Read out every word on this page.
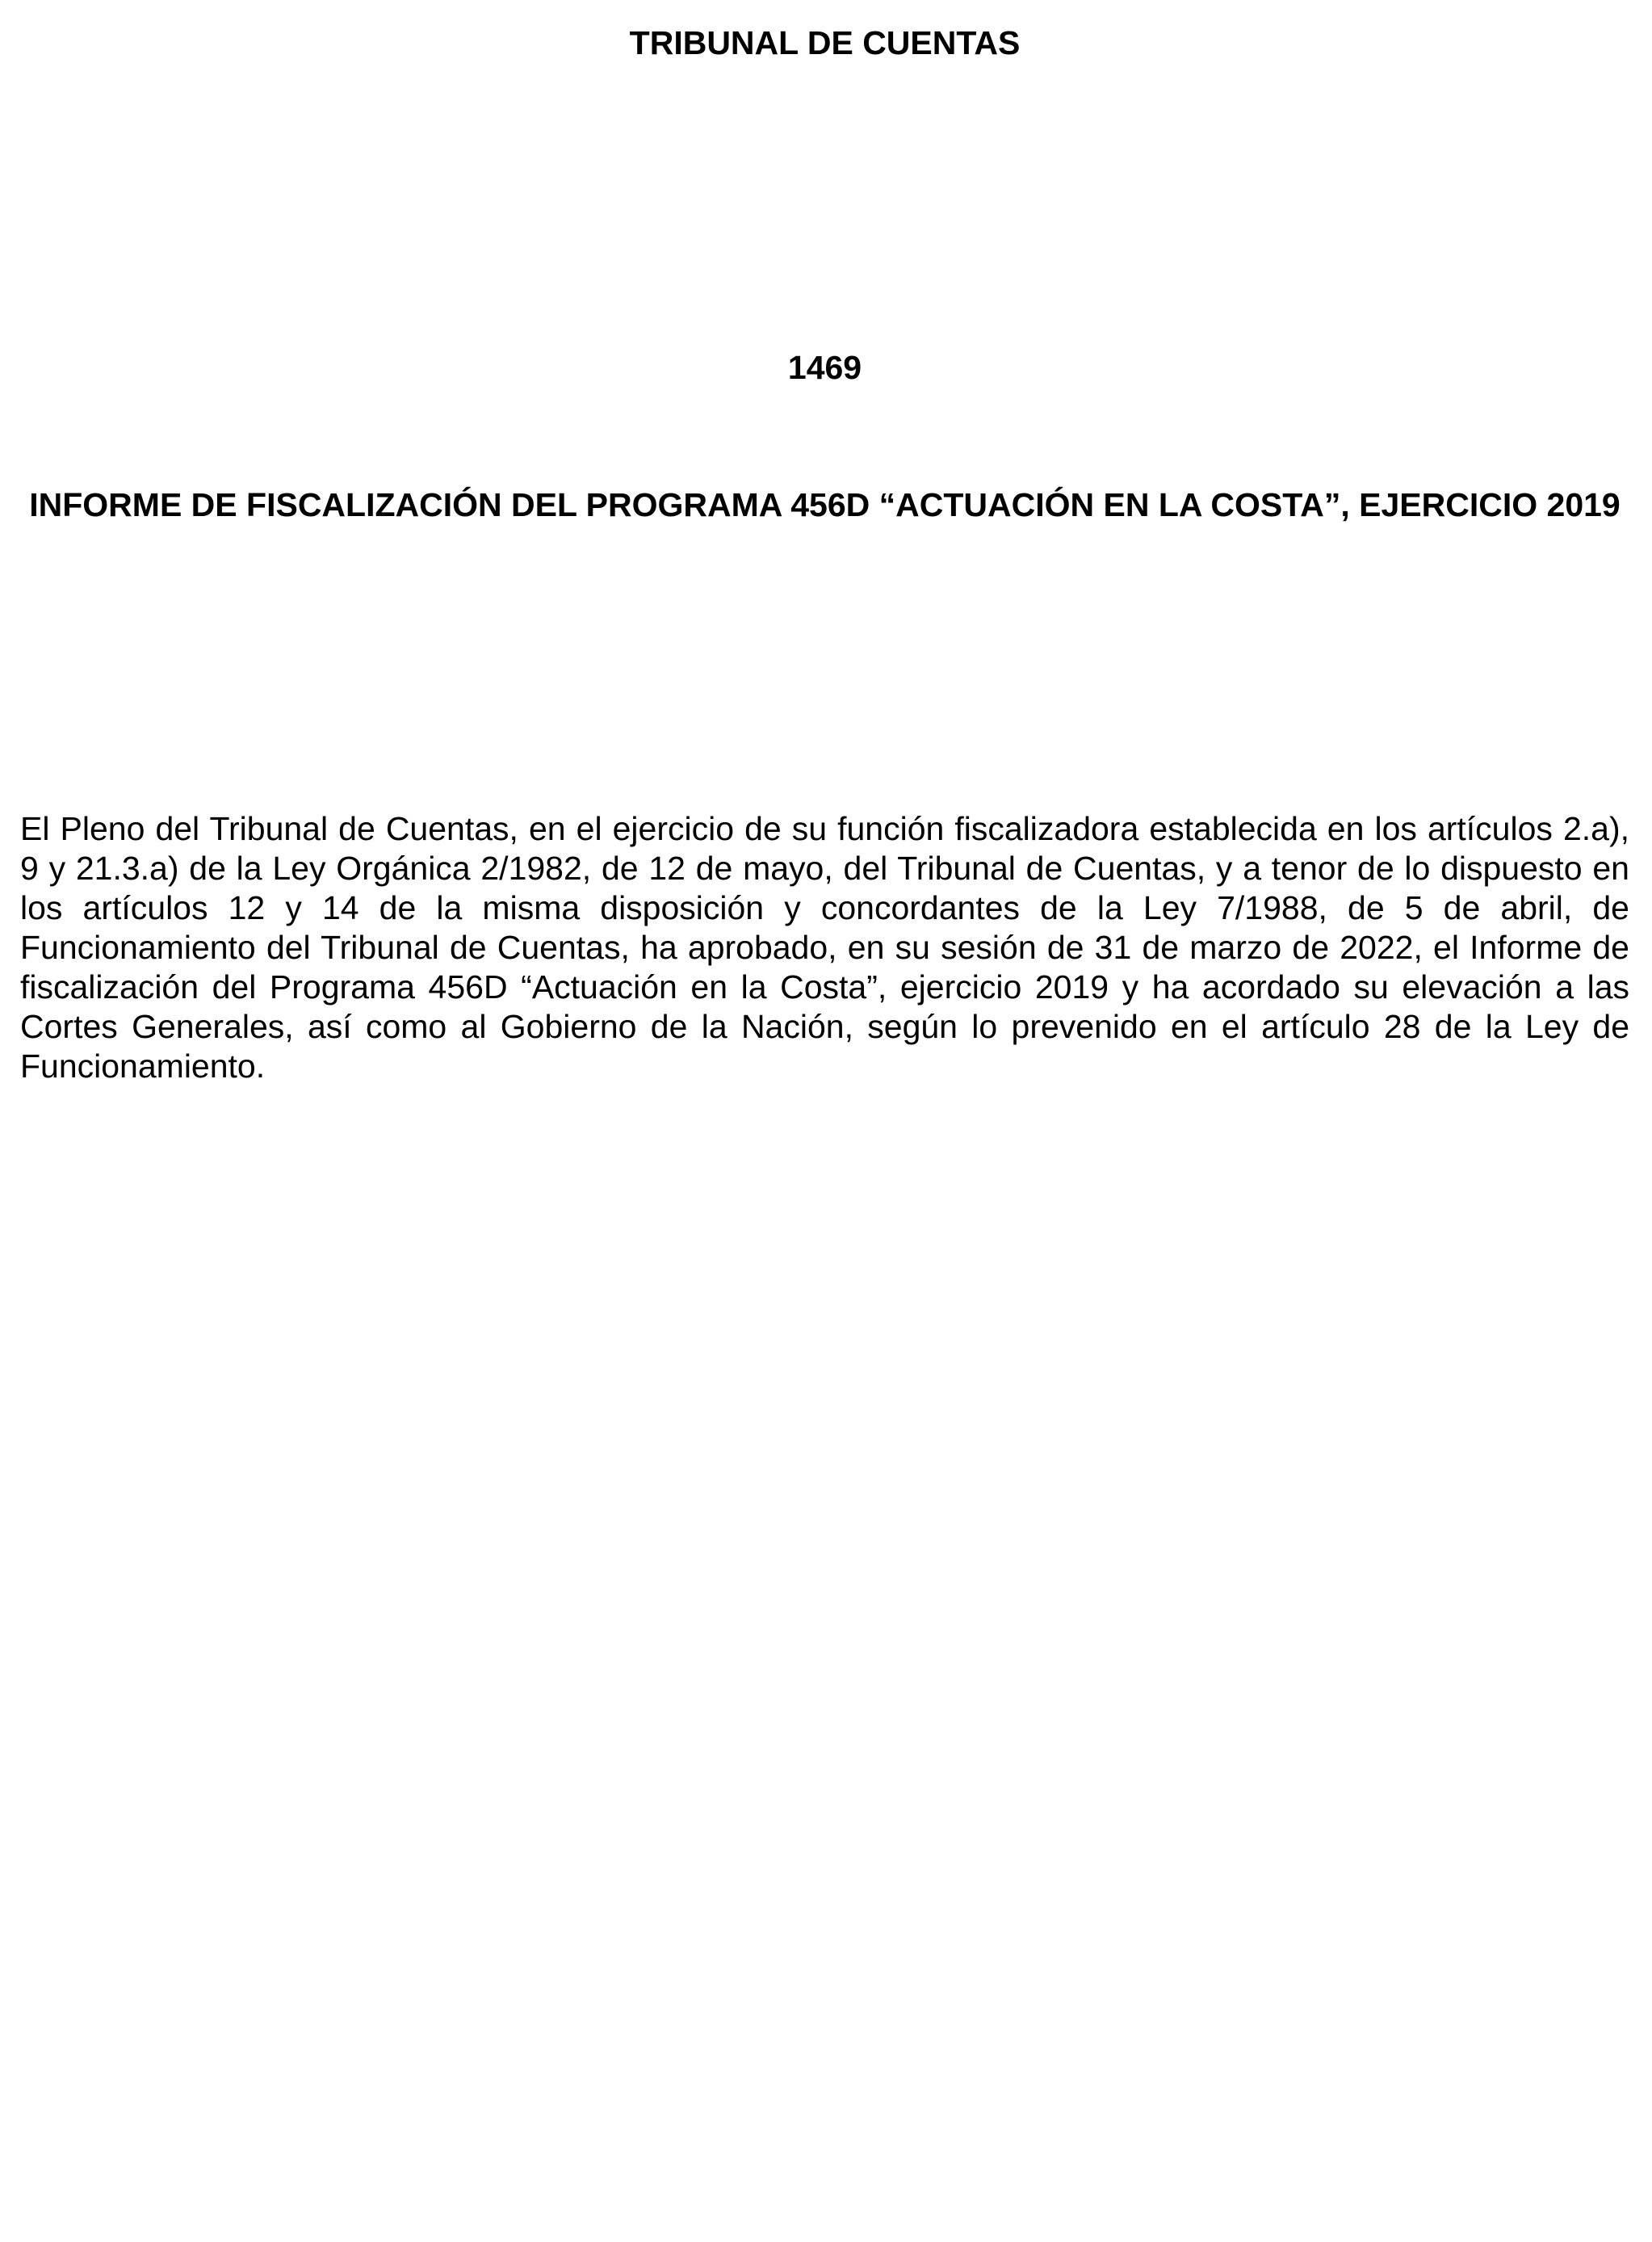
TRIBUNAL DE CUENTAS
1469
INFORME DE FISCALIZACIÓN DEL PROGRAMA 456D “ACTUACIÓN EN LA COSTA”, EJERCICIO 2019

El Pleno del Tribunal de Cuentas, en el ejercicio de su función fiscalizadora establecida en los artículos 2.a), 9 y 21.3.a) de la Ley Orgánica 2/1982, de 12 de mayo, del Tribunal de Cuentas, y a tenor de lo dispuesto en los artículos 12 y 14 de la misma disposición y concordantes de la Ley 7/1988, de 5 de abril, de Funcionamiento del Tribunal de Cuentas, ha aprobado, en su sesión de 31 de marzo de 2022, el Informe de fiscalización del Programa 456D “Actuación en la Costa”, ejercicio 2019 y ha acordado su elevación a las Cortes Generales, así como al Gobierno de la Nación, según lo prevenido en el artículo 28 de la Ley de Funcionamiento.
